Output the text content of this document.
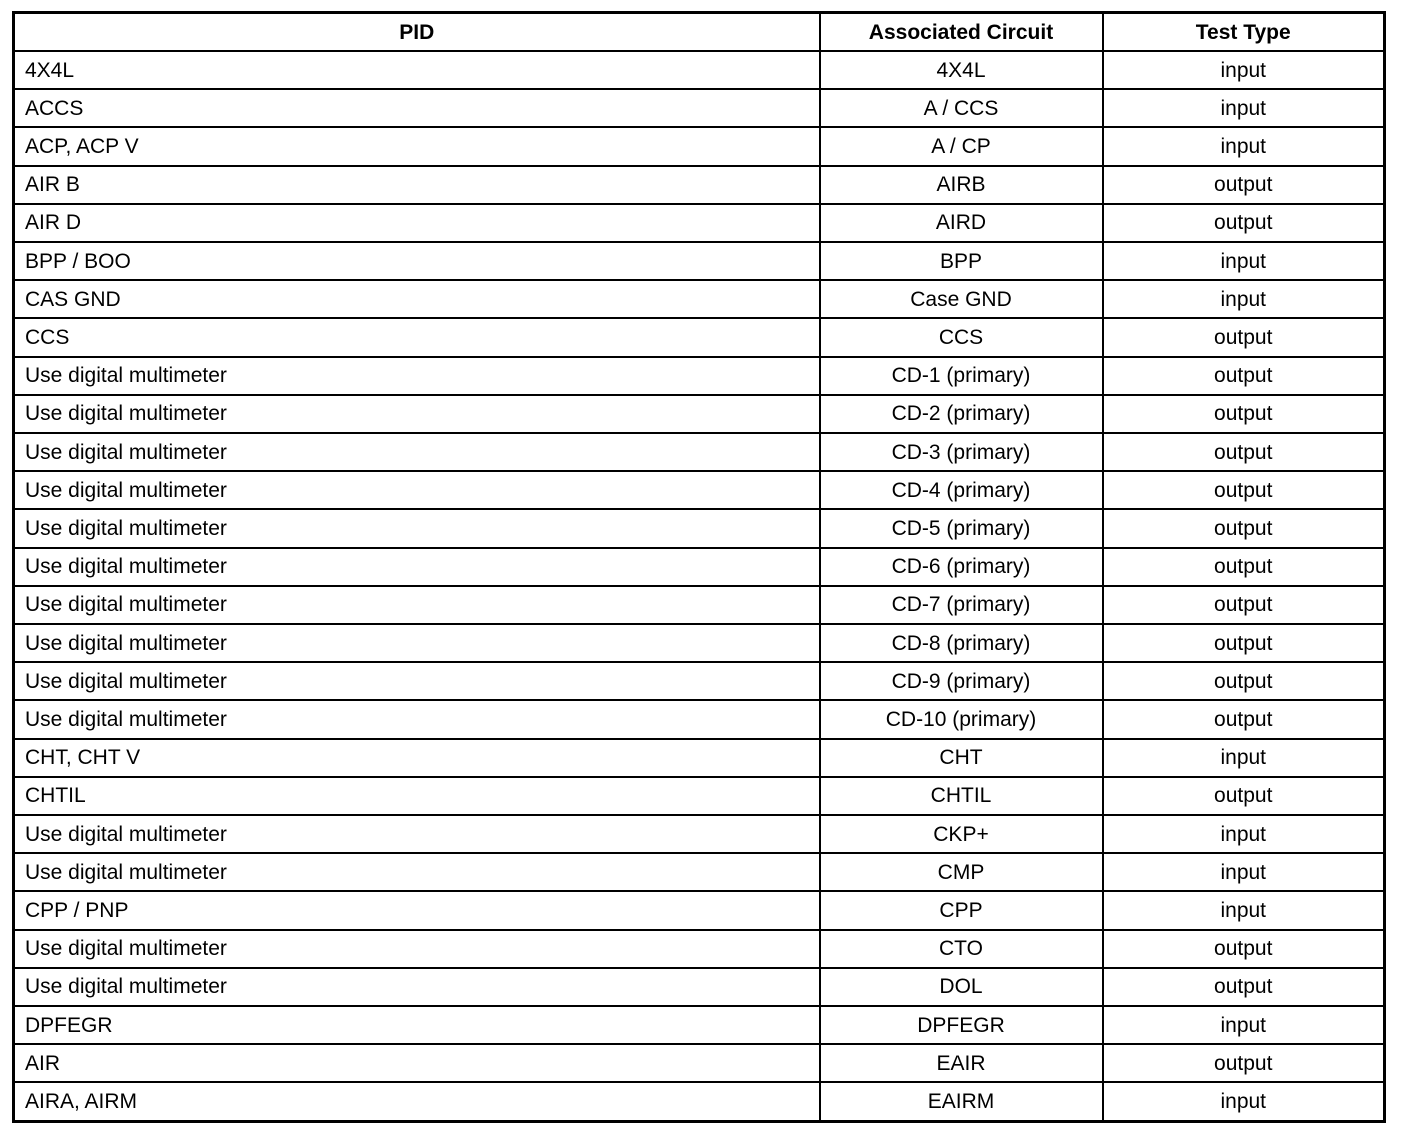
PID	Associated Circuit	Test Type
4X4L	4X4L	input
ACCS	A / CCS	input
ACP, ACP V	A / CP	input
AIR B	AIRB	output
AIR D	AIRD	output
BPP / BOO	BPP	input
CAS GND	Case GND	input
CCS	CCS	output
Use digital multimeter	CD-1 (primary)	output
Use digital multimeter	CD-2 (primary)	output
Use digital multimeter	CD-3 (primary)	output
Use digital multimeter	CD-4 (primary)	output
Use digital multimeter	CD-5 (primary)	output
Use digital multimeter	CD-6 (primary)	output
Use digital multimeter	CD-7 (primary)	output
Use digital multimeter	CD-8 (primary)	output
Use digital multimeter	CD-9 (primary)	output
Use digital multimeter	CD-10 (primary)	output
CHT, CHT V	CHT	input
CHTIL	CHTIL	output
Use digital multimeter	CKP+	input
Use digital multimeter	CMP	input
CPP / PNP	CPP	input
Use digital multimeter	CTO	output
Use digital multimeter	DOL	output
DPFEGR	DPFEGR	input
AIR	EAIR	output
AIRA, AIRM	EAIRM	input
